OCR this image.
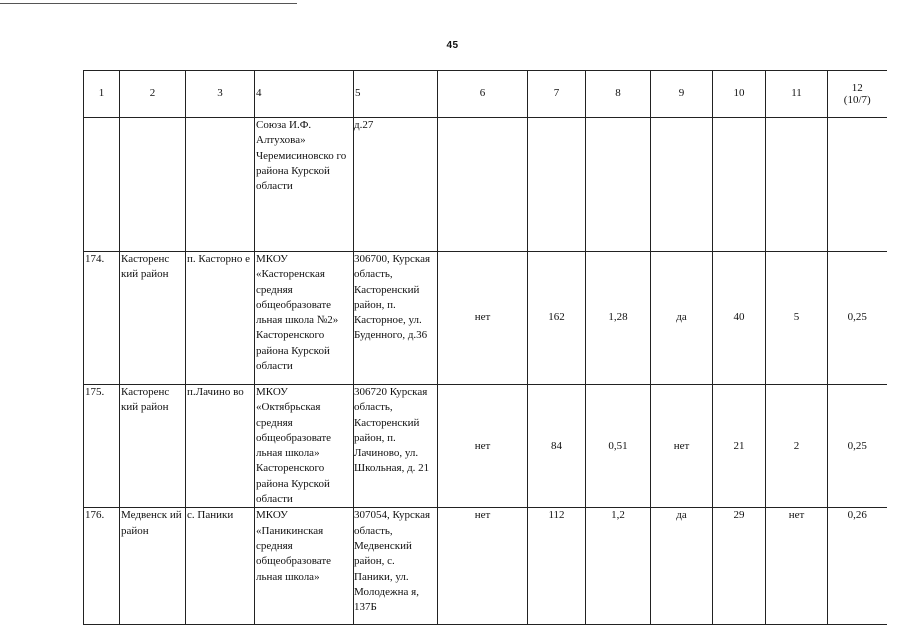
45
1	2	3	4	5	6	7	8	9	10	11	12
(10/7)
			Союза И.Ф. Алтухова» Черемисиновско го района Курской области	д.27							
174.	Касторенс кий район	п. Касторно е	МКОУ «Касторенская средняя общеобразовате льная школа №2» Касторенского района Курской области	306700, Курская область, Касторенский район, п. Касторное, ул. Буденного, д.36	нет	162	1,28	да	40	5	0,25
175.	Касторенс кий район	п.Лачино во	МКОУ «Октябрьская средняя общеобразовате льная школа» Касторенского района Курской области	306720 Курская область, Касторенский район, п. Лачиново, ул. Школьная, д. 21	нет	84	0,51	нет	21	2	0,25
176.	Медвенск ий район	с. Паники	МКОУ «Паникинская средняя общеобразовате льная школа»	307054, Курская область, Медвенский район, с. Паники, ул. Молодежна я, 137Б	нет	112	1,2	да	29	нет	0,26
